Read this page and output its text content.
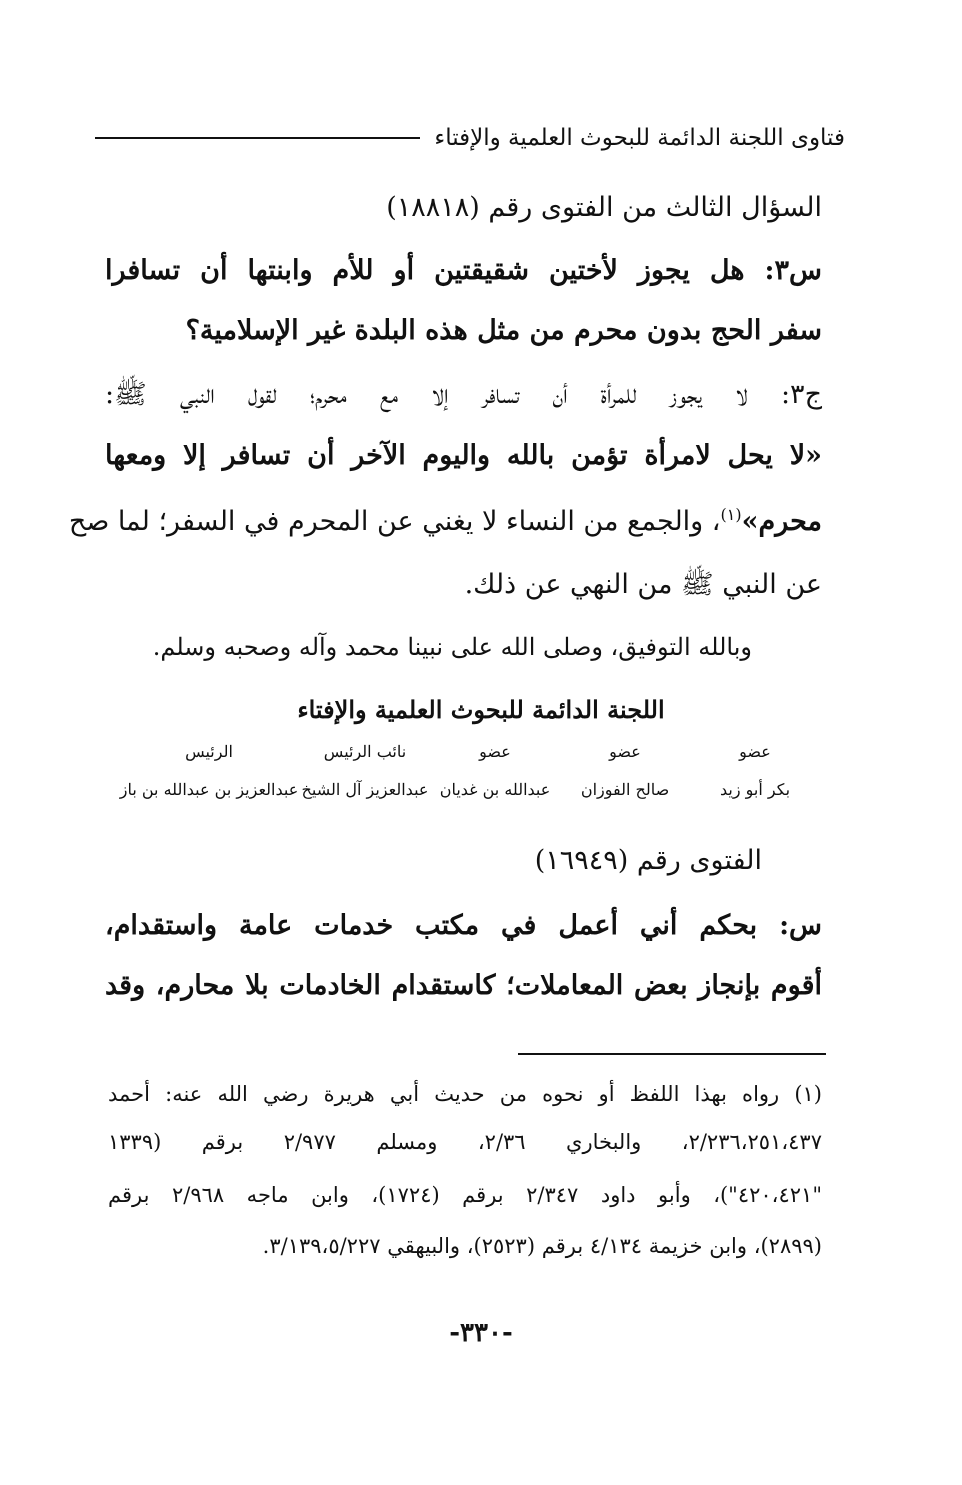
فتاوى اللجنة الدائمة للبحوث العلمية والإفتاء
السؤال الثالث من الفتوى رقم (١٨٨١٨)
س٣: هل يجوز لأختين شقيقتين أو للأم وابنتها أن تسافرا
سفر الحج بدون محرم من مثل هذه البلدة غير الإسلامية؟
ج٣: لا يجوز للمرأة أن تسافر إلا مع محرم؛ لقول النبي ﷺ:
«لا يحل لامرأة تؤمن بالله واليوم الآخر أن تسافر إلا ومعها
محرم»$^{(١)}$، والجمع من النساء لا يغني عن المحرم في السفر؛ لما صح
عن النبي ﷺ من النهي عن ذلك.
وبالله التوفيق، وصلى الله على نبينا محمد وآله وصحبه وسلم.
اللجنة الدائمة للبحوث العلمية والإفتاء
عضو
عضو
عضو
نائب الرئيس
الرئيس
بكر أبو زيد
صالح الفوزان
عبدالله بن غديان
عبدالعزيز آل الشيخ
عبدالعزيز بن عبدالله بن باز
الفتوى رقم (١٦٩٤٩)
س: بحكم أني أعمل في مكتب خدمات عامة واستقدام،
أقوم بإنجاز بعض المعاملات؛ كاستقدام الخادمات بلا محارم، وقد
(١) رواه بهذا اللفظ أو نحوه من حديث أبي هريرة رضي الله عنه: أحمد
٢/٢٣٦،٢٥١،٤٣٧، والبخاري ٢/٣٦، ومسلم ٢/٩٧٧ برقم (١٣٣٩
"٤٢٠،٤٢١")، وأبو داود ٢/٣٤٧ برقم (١٧٢٤)، وابن ماجه ٢/٩٦٨ برقم
(٢٨٩٩)، وابن خزيمة ٤/١٣٤ برقم (٢٥٢٣)، والبيهقي ٣/١٣٩،٥/٢٢٧.
-٣٣٠-
